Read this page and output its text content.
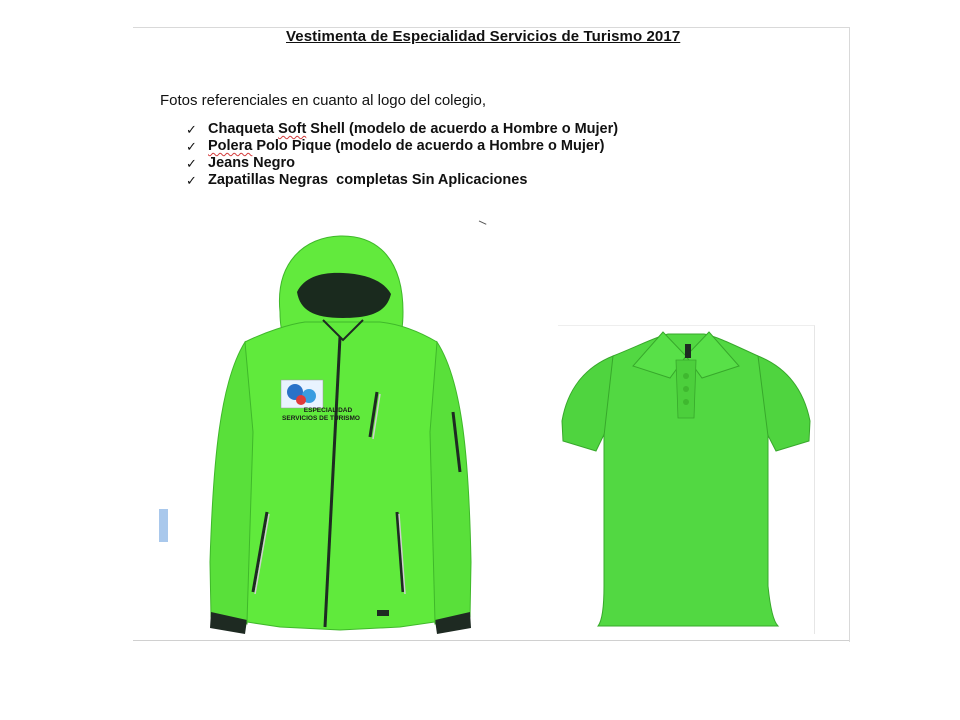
Vestimenta de Especialidad Servicios de Turismo 2017
Fotos referenciales en cuanto al logo del colegio,
✓ Chaqueta Soft Shell (modelo de acuerdo a Hombre o Mujer)
✓ Polera Polo Pique (modelo de acuerdo a Hombre o Mujer)
✓ Jeans Negro
✓ Zapatillas Negras  completas Sin Aplicaciones
ESPECIALIDAD
SERVICIOS DE TURISMO
